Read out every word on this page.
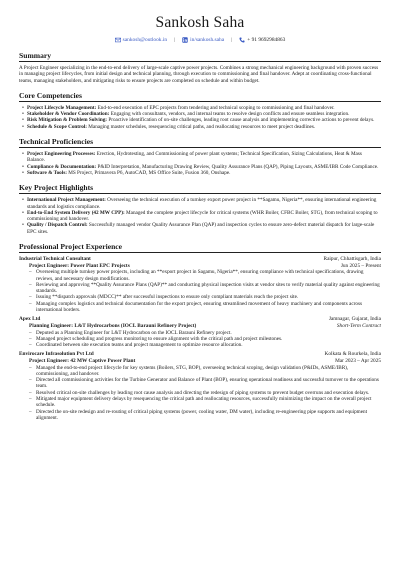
Sankosh Saha
sankosh@outlook.in |	in/sankosh.saha |	+ 91 9692984863
Summary

A Project Engineer specializing in the end-to-end delivery of large-scale captive power projects. Combines a strong mechanical engineering background with proven success in managing project lifecycles, from initial design and technical planning, through execution to commissioning and final handover. Adept at coordinating cross-functional teams, managing stakeholders, and mitigating risks to ensure projects are completed on schedule and within budget.

Core Competencies
• Project Lifecycle Management: End-to-end execution of EPC projects from tendering and technical scoping to commissioning and final handover.
• Stakeholder & Vendor Coordination: Engaging with consultants, vendors, and internal teams to resolve design conflicts and ensure seamless integration.
• Risk Mitigation & Problem Solving: Proactive identification of on-site challenges, leading root cause analysis and implementing corrective actions to prevent delays.
• Schedule & Scope Control: Managing master schedules, resequencing critical paths, and reallocating resources to meet project deadlines.
Technical Proficiencies
• Project Engineering Processes: Erection, Hydrotesting, and Commissioning of power plant systems; Technical Specification, Sizing Calculations, Heat & Mass Balance.
• Compliance & Documentation: P&ID Interpretation, Manufacturing Drawing Review, Quality Assurance Plans (QAP), Piping Layouts, ASME/IBR Code Compliance.
• Software & Tools: MS Project, Primavera P6, AutoCAD, MS Office Suite, Fusion 360, Onshape.
Key Project Highlights
• International Project Management: Overseeing the technical execution of a turnkey export power project in **Sagamu, Nigeria**, ensuring international engineering standards and logistics compliance.
• End-to-End System Delivery (42 MW CPP): Managed the complete project lifecycle for critical systems (WHR Boiler, CFBC Boiler, STG), from technical scoping to commissioning and handover.
• Quality / Dispatch Control: Successfully managed vendor Quality Assurance Plan (QAP) and inspection cycles to ensure zero-defect material dispatch for large-scale EPC sites.
Professional Project Experience
Industrial Technical Consultant	Raipur, Chhattisgarh, India
Project Engineer: Power Plant EPC Projects	Jun 2025 – Present
– Overseeing multiple turnkey power projects, including an **export project in Sagamu, Nigeria**, ensuring compliance with technical specifications, drawing reviews, and necessary design modifications.
– Reviewing and approving **Quality Assurance Plans (QAP)** and conducting physical inspection visits at vendor sites to verify material quality against engineering standards.
– Issuing **dispatch approvals (MDCC)** after successful inspections to ensure only compliant materials reach the project site.
– Managing complex logistics and technical documentation for the export project, ensuring streamlined movement of heavy machinery and components across international borders.
Apex Ltd	Jamnagar, Gujarat, India
Planning Engineer: L&T Hydrocarbons (IOCL Barauni Refinery Project)	Short-Term Contract
– Deputed as a Planning Engineer for L&T Hydrocarbon on the IOCL Barauni Refinery project.
– Managed project scheduling and progress monitoring to ensure alignment with the critical path and project milestones.
– Coordinated between site execution teams and project management to optimize resource allocation.
Envirocare Infrasolution Pvt Ltd	Kolkata & Rourkela, India
Project Engineer: 42 MW Captive Power Plant	Mar 2023 – Apr 2025
– Managed the end-to-end project lifecycle for key systems (Boilers, STG, BOP), overseeing technical scoping, design validation (P&IDs, ASME/IBR), commissioning, and handover.
– Directed all commissioning activities for the Turbine Generator and Balance of Plant (BOP), ensuring operational readiness and successful turnover to the operations team.
– Resolved critical on-site challenges by leading root cause analysis and directing the redesign of piping systems to prevent budget overruns and execution delays.
– Mitigated major equipment delivery delays by resequencing the critical path and reallocating resources, successfully minimizing the impact on the overall project schedule.
– Directed the on-site redesign and re-routing of critical piping systems (power, cooling water, DM water), including re-engineering pipe supports and equipment alignment.
